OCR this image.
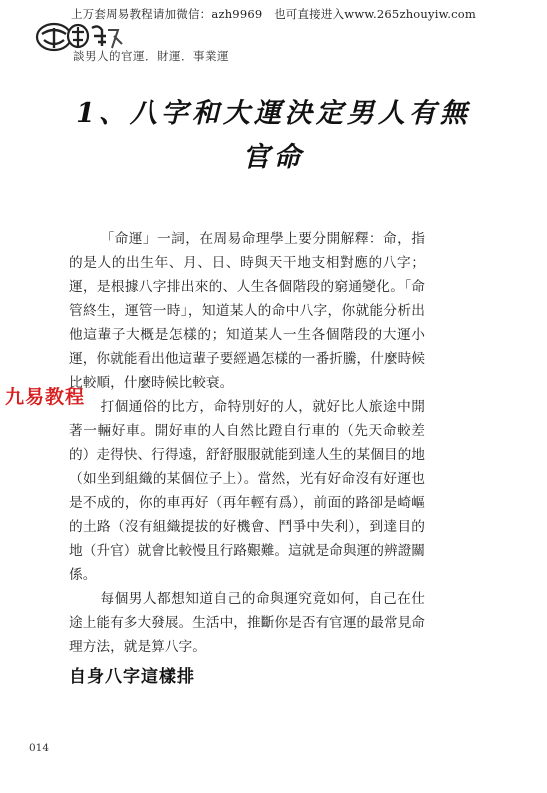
上万套周易教程请加微信：azh9969　也可直接进入www.265zhouyiw.com
談男人的官運．財運．事業運
1、八字和大運決定男人有無
官命

「命運」一詞，在周易命理學上要分開解釋：命，指的是人的出生年、月、日、時與天干地支相對應的八字；運，是根據八字排出來的、人生各個階段的窮通變化。「命管終生，運管一時」，知道某人的命中八字，你就能分析出他這輩子大概是怎樣的；知道某人一生各個階段的大運小運，你就能看出他這輩子要經過怎樣的一番折騰，什麼時候比較順，什麼時候比較衰。

打個通俗的比方，命特別好的人，就好比人旅途中開著一輛好車。開好車的人自然比蹬自行車的（先天命較差的）走得快、行得遠，舒舒服服就能到達人生的某個目的地（如坐到組織的某個位子上）。當然，光有好命沒有好運也是不成的，你的車再好（再年輕有爲），前面的路卻是崎嶇的土路（沒有組織提拔的好機會、鬥爭中失利），到達目的地（升官）就會比較慢且行路艱難。這就是命與運的辨證關係。

每個男人都想知道自己的命與運究竟如何，自己在仕途上能有多大發展。生活中，推斷你是否有官運的最常見命理方法，就是算八字。

九易教程
自身八字這樣排
014
